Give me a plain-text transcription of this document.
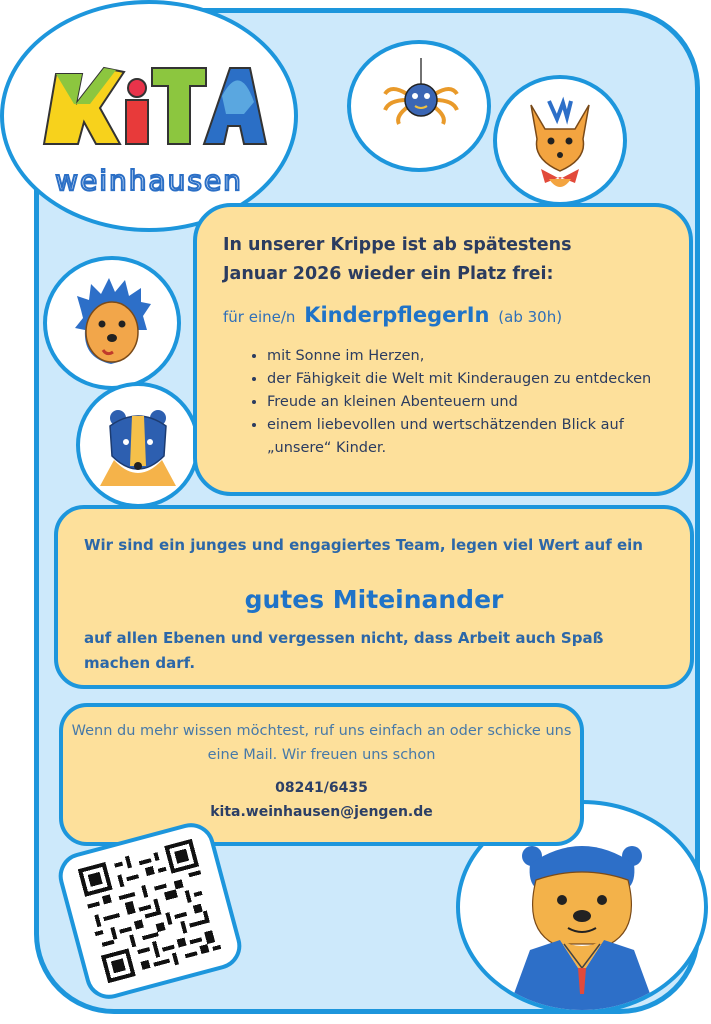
weinhausen
In unserer Krippe ist ab spätestens
Januar 2026 wieder ein Platz frei:
für eine/n KinderpflegerIn (ab 30h)
• mit Sonne im Herzen,
• der Fähigkeit die Welt mit Kinderaugen zu entdecken
• Freude an kleinen Abenteuern und
• einem liebevollen und wertschätzenden Blick auf „unsere“ Kinder.
Wir sind ein junges und engagiertes Team, legen viel Wert auf ein
gutes Miteinander
auf allen Ebenen und vergessen nicht, dass Arbeit auch Spaß machen darf.
Wenn du mehr wissen möchtest, ruf uns einfach an oder schicke uns eine Mail. Wir freuen uns schon
08241/6435
kita.weinhausen@jengen.de
